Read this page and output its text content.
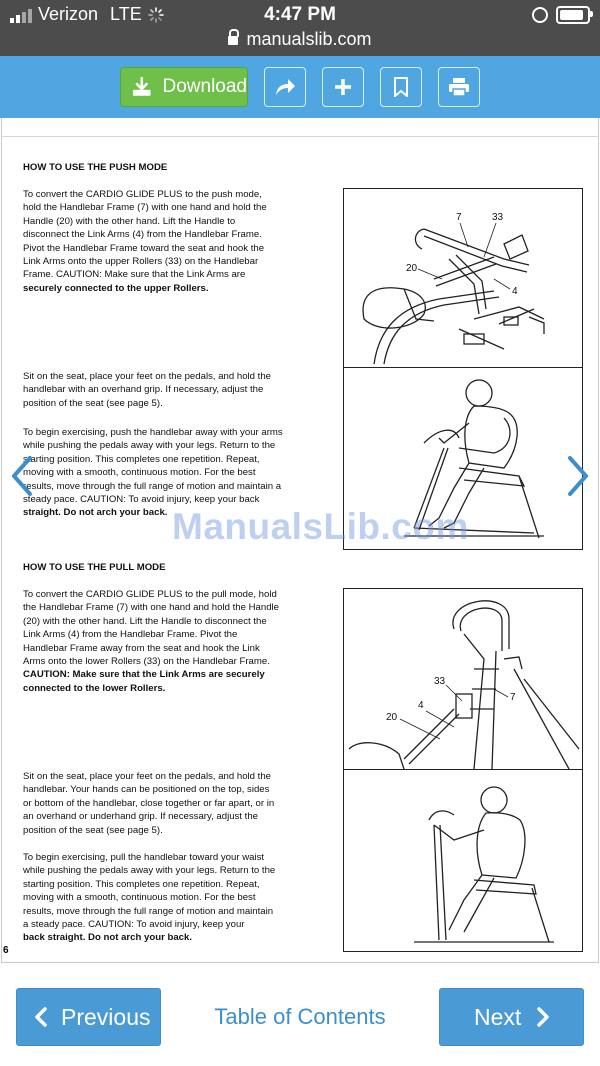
Verizon LTE	4:47 PM
manualslib.com
Download
HOW TO USE THE PUSH MODE
To convert the CARDIO GLIDE PLUS to the push mode,
hold the Handlebar Frame (7) with one hand and hold the
Handle (20) with the other hand. Lift the Handle to
disconnect the Link Arms (4) from the Handlebar Frame.
Pivot the Handlebar Frame toward the seat and hook the
Link Arms onto the upper Rollers (33) on the Handlebar
Frame. CAUTION: Make sure that the Link Arms are
securely connected to the upper Rollers.
Sit on the seat, place your feet on the pedals, and hold the
handlebar with an overhand grip. If necessary, adjust the
position of the seat (see page 5).
To begin exercising, push the handlebar away with your arms
while pushing the pedals away with your legs. Return to the
starting position. This completes one repetition. Repeat,
moving with a smooth, continuous motion. For the best
results, move through the full range of motion and maintain a
steady pace. CAUTION: To avoid injury, keep your back
straight. Do not arch your back.
HOW TO USE THE PULL MODE
To convert the CARDIO GLIDE PLUS to the pull mode, hold
the Handlebar Frame (7) with one hand and hold the Handle
(20) with the other hand. Lift the Handle to disconnect the
Link Arms (4) from the Handlebar Frame. Pivot the
Handlebar Frame away from the seat and hook the Link
Arms onto the lower Rollers (33) on the Handlebar Frame.
CAUTION: Make sure that the Link Arms are securely
connected to the lower Rollers.
Sit on the seat, place your feet on the pedals, and hold the
handlebar. Your hands can be positioned on the top, sides
or bottom of the handlebar, close together or far apart, or in
an overhand or underhand grip. If necessary, adjust the
position of the seat (see page 5).
To begin exercising, pull the handlebar toward your waist
while pushing the pedals away with your legs. Return to the
starting position. This completes one repetition. Repeat,
moving with a smooth, continuous motion. For the best
results, move through the full range of motion and maintain
a steady pace. CAUTION: To avoid injury, keep your
back straight. Do not arch your back.
6
7	33
20
4
33
7
4
20
ManualsLib.com
Previous	Table of Contents	Next
